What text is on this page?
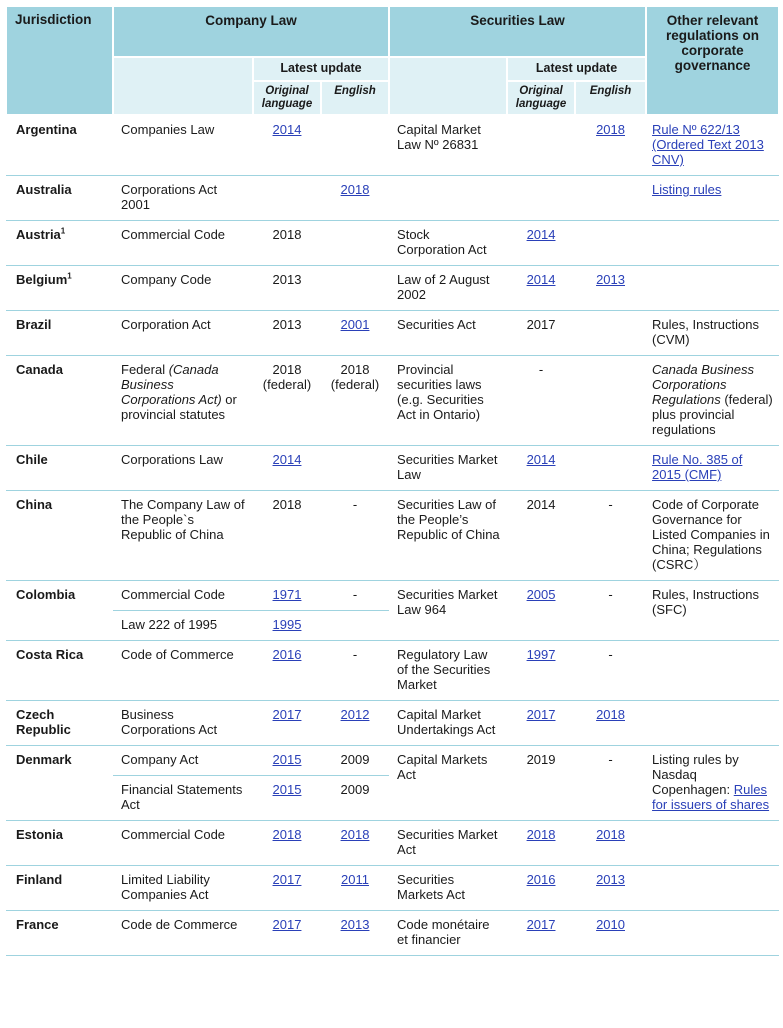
Jurisdiction	Company Law			Securities Law			Other relevant regulations on corporate governance
		Latest update			Latest update		
		Original language	English		Original language	English	
Argentina	Companies Law	2014		Capital Market Law Nº 26831		2018	Rule Nº 622/13 (Ordered Text 2013 CNV)
Australia	Corporations Act 2001		2018				Listing rules
Austria$^1$	Commercial Code	2018		Stock Corporation Act	2014		
Belgium$^1$	Company Code	2013		Law of 2 August 2002	2014	2013	
Brazil	Corporation Act	2013	2001	Securities Act	2017		Rules, Instructions (CVM)
Canada	Federal (Canada Business Corporations Act) or provincial statutes	2018 (federal)	2018 (federal)	Provincial securities laws (e.g. Securities Act in Ontario)	-		Canada Business Corporations Regulations (federal) plus provincial regulations
Chile	Corporations Law	2014		Securities Market Law	2014		Rule No. 385 of 2015 (CMF)
China	The Company Law of the People`s Republic of China	2018	-	Securities Law of the People’s Republic of China	2014	-	Code of Corporate Governance for Listed Companies in China; Regulations (CSRC）
Colombia	Commercial Code	1971	-	Securities Market Law 964	2005	-	Rules, Instructions (SFC)
	Law 222 of 1995	1995					
Costa Rica	Code of Commerce	2016	-	Regulatory Law of the Securities Market	1997	-	
Czech Republic	Business Corporations Act	2017	2012	Capital Market Undertakings Act	2017	2018	
Denmark	Company Act	2015	2009	Capital Markets Act	2019	-	Listing rules by Nasdaq Copenhagen: Rules for issuers of shares
	Financial Statements Act	2015	2009				
Estonia	Commercial Code	2018	2018	Securities Market Act	2018	2018	
Finland	Limited Liability Companies Act	2017	2011	Securities Markets Act	2016	2013	
France	Code de Commerce	2017	2013	Code monétaire et financier	2017	2010	
